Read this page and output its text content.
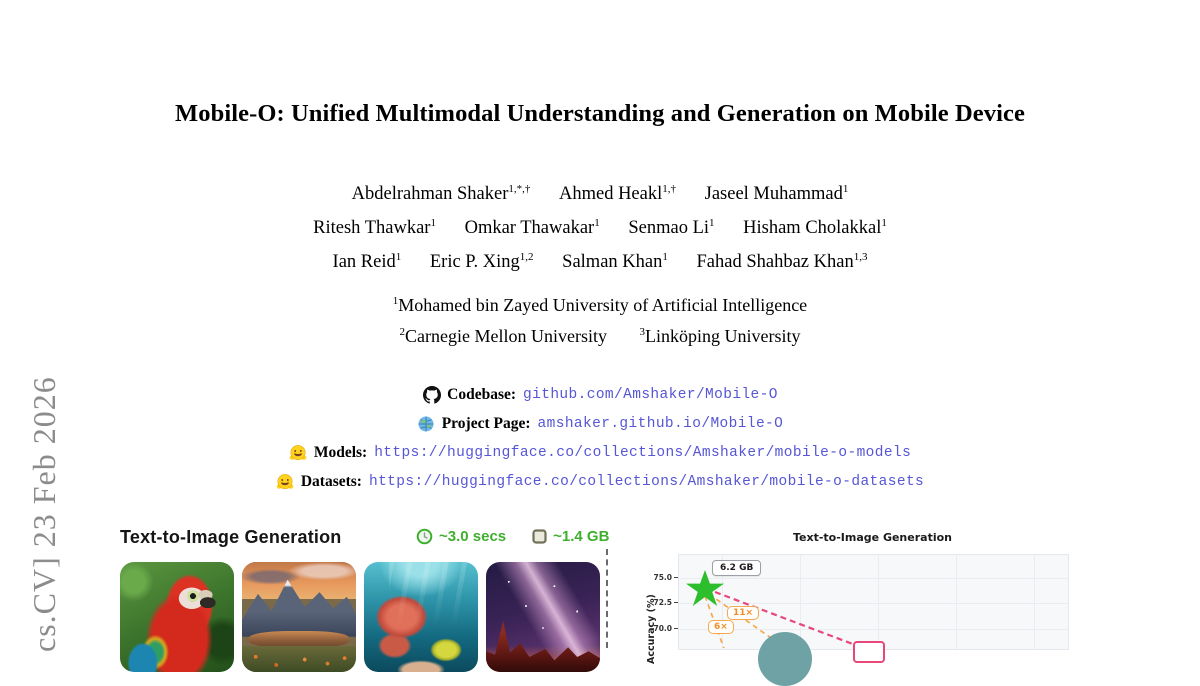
cs.CV] 23 Feb 2026
Mobile-O: Unified Multimodal Understanding and Generation on Mobile Device
Abdelrahman Shaker$^{1,*,\dagger}$ Ahmed Heakl$^{1,\dagger}$ Jaseel Muhammad$^1$
Ritesh Thawkar$^1$ Omkar Thawakar$^1$ Senmao Li$^1$ Hisham Cholakkal$^1$
Ian Reid$^1$ Eric P. Xing$^{1,2}$ Salman Khan$^1$ Fahad Shahbaz Khan$^{1,3}$
$^1$Mohamed bin Zayed University of Artificial Intelligence
$^2$Carnegie Mellon University	$^3$Linköping University
Codebase: github.com/Amshaker/Mobile-O
Project Page: amshaker.github.io/Mobile-O
Models: https://huggingface.co/collections/Amshaker/mobile-o-models
Datasets: https://huggingface.co/collections/Amshaker/mobile-o-datasets
Text-to-Image Generation	~3.0 secs	~1.4 GB	Text-to-Image Generation
Accuracy (%)
75.0
72.5
70.0
6.2 GB
11×
6×
